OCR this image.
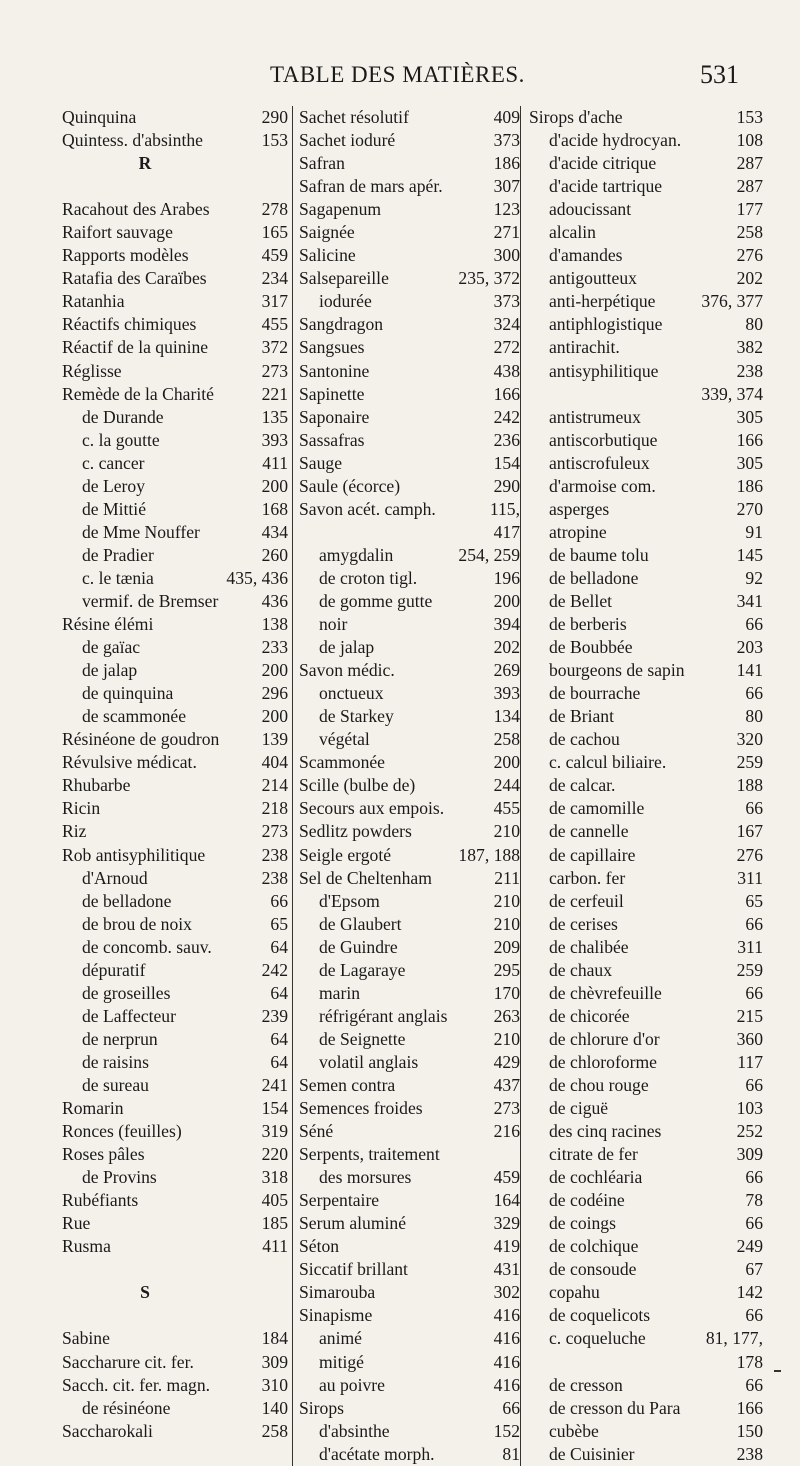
TABLE DES MATIÈRES.	531
Quinquina	290
Quintess. d'absinthe	153
R
Racahout des Arabes	278
Raifort sauvage	165
Rapports modèles	459
Ratafia des Caraïbes	234
Ratanhia	317
Réactifs chimiques	455
Réactif de la quinine	372
Réglisse	273
Remède de la Charité	221
de Durande	135
c. la goutte	393
c. cancer	411
de Leroy	200
de Mittié	168
de Mme Nouffer	434
de Pradier	260
c. le tænia	435, 436
vermif. de Bremser	436
Résine élémi	138
de gaïac	233
de jalap	200
de quinquina	296
de scammonée	200
Résinéone de goudron	139
Révulsive médicat.	404
Rhubarbe	214
Ricin	218
Riz	273
Rob antisyphilitique	238
d'Arnoud	238
de belladone	66
de brou de noix	65
de concomb. sauv.	64
dépuratif	242
de groseilles	64
de Laffecteur	239
de nerprun	64
de raisins	64
de sureau	241
Romarin	154
Ronces (feuilles)	319
Roses pâles	220
de Provins	318
Rubéfiants	405
Rue	185
Rusma	411
S
Sabine	184
Saccharure cit. fer.	309
Sacch. cit. fer. magn.	310
de résinéone	140
Saccharokali	258
Sachet résolutif	409
Sachet ioduré	373
Safran	186
Safran de mars apér.	307
Sagapenum	123
Saignée	271
Salicine	300
Salsepareille	235, 372
iodurée	373
Sangdragon	324
Sangsues	272
Santonine	438
Sapinette	166
Saponaire	242
Sassafras	236
Sauge	154
Saule (écorce)	290
Savon acét. camph.	115,
417
amygdalin	254, 259
de croton tigl.	196
de gomme gutte	200
noir	394
de jalap	202
Savon médic.	269
onctueux	393
de Starkey	134
végétal	258
Scammonée	200
Scille (bulbe de)	244
Secours aux empois.	455
Sedlitz powders	210
Seigle ergoté	187, 188
Sel de Cheltenham	211
d'Epsom	210
de Glaubert	210
de Guindre	209
de Lagaraye	295
marin	170
réfrigérant anglais	263
de Seignette	210
volatil anglais	429
Semen contra	437
Semences froides	273
Séné	216
Serpents, traitement
des morsures	459
Serpentaire	164
Serum aluminé	329
Séton	419
Siccatif brillant	431
Simarouba	302
Sinapisme	416
animé	416
mitigé	416
au poivre	416
Sirops	66
d'absinthe	152
d'acétate morph.	81
Sirops d'ache	153
d'acide hydrocyan.	108
d'acide citrique	287
d'acide tartrique	287
adoucissant	177
alcalin	258
d'amandes	276
antigoutteux	202
anti-herpétique	376, 377
antiphlogistique	80
antirachit.	382
antisyphilitique	238
339, 374
antistrumeux	305
antiscorbutique	166
antiscrofuleux	305
d'armoise com.	186
asperges	270
atropine	91
de baume tolu	145
de belladone	92
de Bellet	341
de berberis	66
de Boubbée	203
bourgeons de sapin	141
de bourrache	66
de Briant	80
de cachou	320
c. calcul biliaire.	259
de calcar.	188
de camomille	66
de cannelle	167
de capillaire	276
carbon. fer	311
de cerfeuil	65
de cerises	66
de chalibée	311
de chaux	259
de chèvrefeuille	66
de chicorée	215
de chlorure d'or	360
de chloroforme	117
de chou rouge	66
de ciguë	103
des cinq racines	252
citrate de fer	309
de cochléaria	66
de codéine	78
de coings	66
de colchique	249
de consoude	67
copahu	142
de coquelicots	66
c. coqueluche	81, 177,
178
de cresson	66
de cresson du Para	166
cubèbe	150
de Cuisinier	238
